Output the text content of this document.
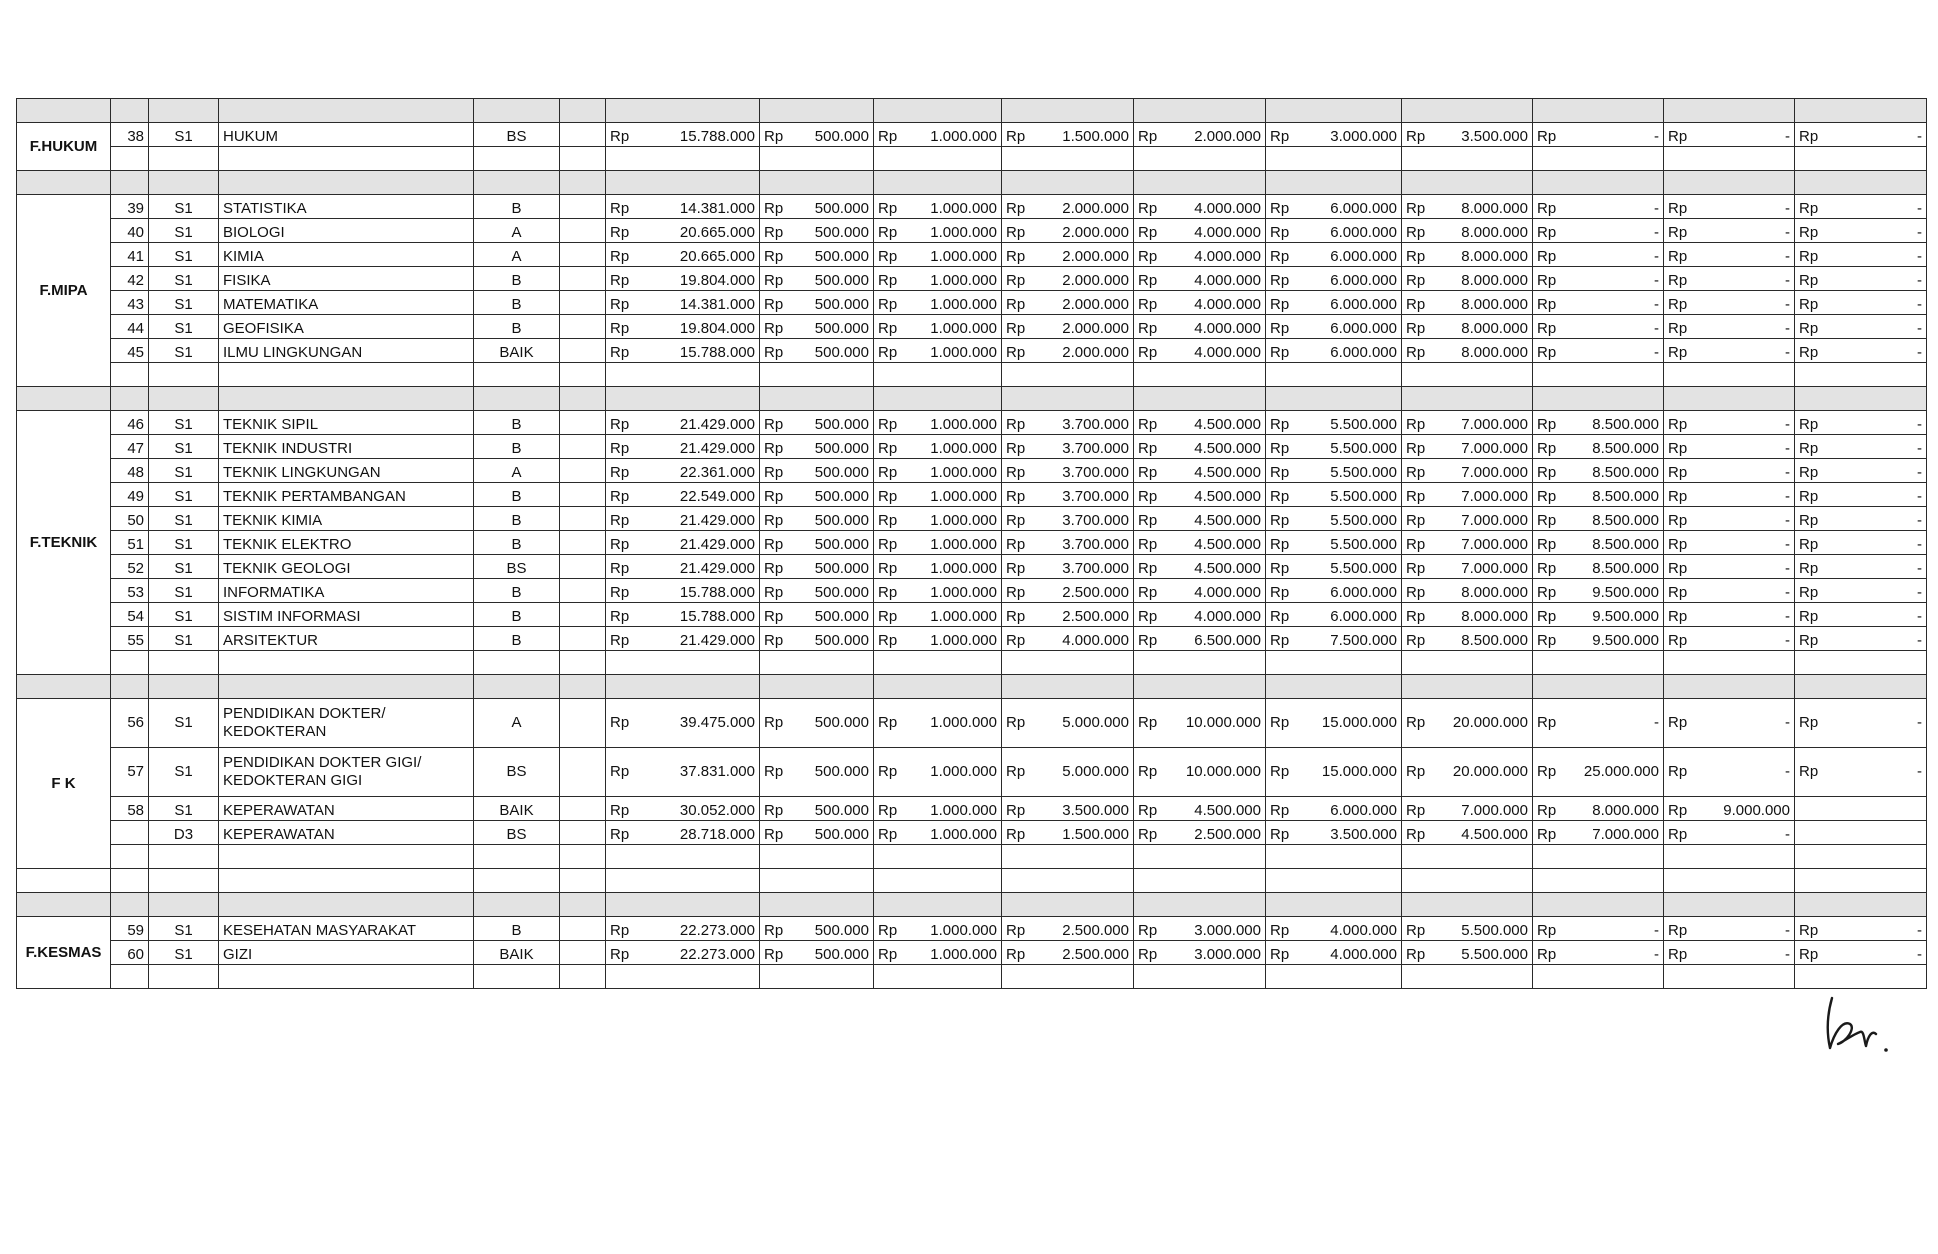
F.HUKUM	38	S1	HUKUM	BS		Rp 15.788.000	Rp 500.000	Rp 1.000.000	Rp 1.500.000	Rp 2.000.000	Rp 3.000.000	Rp 3.500.000	Rp -	Rp -	Rp -

F.MIPA	39	S1	STATISTIKA	B		Rp 14.381.000	Rp 500.000	Rp 1.000.000	Rp 2.000.000	Rp 4.000.000	Rp 6.000.000	Rp 8.000.000	Rp -	Rp -	Rp -

	40	S1	BIOLOGI	A		Rp 20.665.000	Rp 500.000	Rp 1.000.000	Rp 2.000.000	Rp 4.000.000	Rp 6.000.000	Rp 8.000.000	Rp -	Rp -	Rp -

	41	S1	KIMIA	A		Rp 20.665.000	Rp 500.000	Rp 1.000.000	Rp 2.000.000	Rp 4.000.000	Rp 6.000.000	Rp 8.000.000	Rp -	Rp -	Rp -

	42	S1	FISIKA	B		Rp 19.804.000	Rp 500.000	Rp 1.000.000	Rp 2.000.000	Rp 4.000.000	Rp 6.000.000	Rp 8.000.000	Rp -	Rp -	Rp -

	43	S1	MATEMATIKA	B		Rp 14.381.000	Rp 500.000	Rp 1.000.000	Rp 2.000.000	Rp 4.000.000	Rp 6.000.000	Rp 8.000.000	Rp -	Rp -	Rp -

	44	S1	GEOFISIKA	B		Rp 19.804.000	Rp 500.000	Rp 1.000.000	Rp 2.000.000	Rp 4.000.000	Rp 6.000.000	Rp 8.000.000	Rp -	Rp -	Rp -

	45	S1	ILMU LINGKUNGAN	BAIK		Rp 15.788.000	Rp 500.000	Rp 1.000.000	Rp 2.000.000	Rp 4.000.000	Rp 6.000.000	Rp 8.000.000	Rp -	Rp -	Rp -

F.TEKNIK	46	S1	TEKNIK SIPIL	B		Rp 21.429.000	Rp 500.000	Rp 1.000.000	Rp 3.700.000	Rp 4.500.000	Rp 5.500.000	Rp 7.000.000	Rp 8.500.000	Rp -	Rp -

	47	S1	TEKNIK INDUSTRI	B		Rp 21.429.000	Rp 500.000	Rp 1.000.000	Rp 3.700.000	Rp 4.500.000	Rp 5.500.000	Rp 7.000.000	Rp 8.500.000	Rp -	Rp -

	48	S1	TEKNIK LINGKUNGAN	A		Rp 22.361.000	Rp 500.000	Rp 1.000.000	Rp 3.700.000	Rp 4.500.000	Rp 5.500.000	Rp 7.000.000	Rp 8.500.000	Rp -	Rp -

	49	S1	TEKNIK PERTAMBANGAN	B		Rp 22.549.000	Rp 500.000	Rp 1.000.000	Rp 3.700.000	Rp 4.500.000	Rp 5.500.000	Rp 7.000.000	Rp 8.500.000	Rp -	Rp -

	50	S1	TEKNIK KIMIA	B		Rp 21.429.000	Rp 500.000	Rp 1.000.000	Rp 3.700.000	Rp 4.500.000	Rp 5.500.000	Rp 7.000.000	Rp 8.500.000	Rp -	Rp -

	51	S1	TEKNIK ELEKTRO	B		Rp 21.429.000	Rp 500.000	Rp 1.000.000	Rp 3.700.000	Rp 4.500.000	Rp 5.500.000	Rp 7.000.000	Rp 8.500.000	Rp -	Rp -

	52	S1	TEKNIK GEOLOGI	BS		Rp 21.429.000	Rp 500.000	Rp 1.000.000	Rp 3.700.000	Rp 4.500.000	Rp 5.500.000	Rp 7.000.000	Rp 8.500.000	Rp -	Rp -

	53	S1	INFORMATIKA	B		Rp 15.788.000	Rp 500.000	Rp 1.000.000	Rp 2.500.000	Rp 4.000.000	Rp 6.000.000	Rp 8.000.000	Rp 9.500.000	Rp -	Rp -

	54	S1	SISTIM INFORMASI	B		Rp 15.788.000	Rp 500.000	Rp 1.000.000	Rp 2.500.000	Rp 4.000.000	Rp 6.000.000	Rp 8.000.000	Rp 9.500.000	Rp -	Rp -

	55	S1	ARSITEKTUR	B		Rp 21.429.000	Rp 500.000	Rp 1.000.000	Rp 4.000.000	Rp 6.500.000	Rp 7.500.000	Rp 8.500.000	Rp 9.500.000	Rp -	Rp -

F K	56	S1	PENDIDIKAN DOKTER/ KEDOKTERAN	A		Rp 39.475.000	Rp 500.000	Rp 1.000.000	Rp 5.000.000	Rp 10.000.000	Rp 15.000.000	Rp 20.000.000	Rp -	Rp -	Rp -

	57	S1	PENDIDIKAN DOKTER GIGI/ KEDOKTERAN GIGI	BS		Rp 37.831.000	Rp 500.000	Rp 1.000.000	Rp 5.000.000	Rp 10.000.000	Rp 15.000.000	Rp 20.000.000	Rp 25.000.000	Rp -	Rp -

	58	S1	KEPERAWATAN	BAIK		Rp 30.052.000	Rp 500.000	Rp 1.000.000	Rp 3.500.000	Rp 4.500.000	Rp 6.000.000	Rp 7.000.000	Rp 8.000.000	Rp 9.000.000	

		D3	KEPERAWATAN	BS		Rp 28.718.000	Rp 500.000	Rp 1.000.000	Rp 1.500.000	Rp 2.500.000	Rp 3.500.000	Rp 4.500.000	Rp 7.000.000	Rp -	

F.KESMAS	59	S1	KESEHATAN MASYARAKAT	B		Rp 22.273.000	Rp 500.000	Rp 1.000.000	Rp 2.500.000	Rp 3.000.000	Rp 4.000.000	Rp 5.500.000	Rp -	Rp -	Rp -

	60	S1	GIZI	BAIK		Rp 22.273.000	Rp 500.000	Rp 1.000.000	Rp 2.500.000	Rp 3.000.000	Rp 4.000.000	Rp 5.500.000	Rp -	Rp -	Rp -
